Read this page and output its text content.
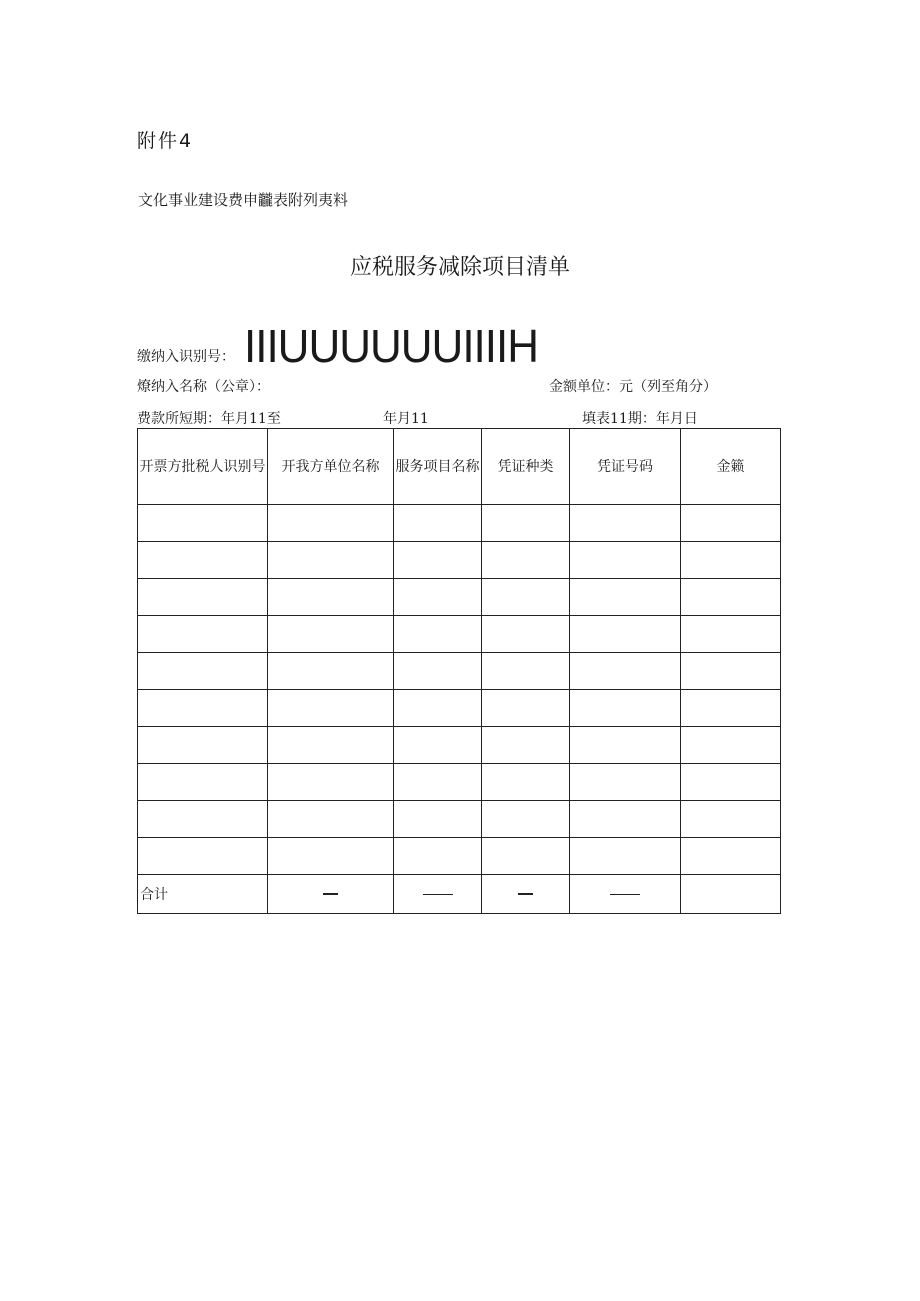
附件4
文化事业建设费申龖表附列夷料
应税服务减除项目清单
缴纳入识别号： IIIUUUUUUIIIIH
燎纳入名称（公章）：	金额单位：元（列至角分）
费款所短期：年月11至	年月11	填表11期：年月日
开票方批税人识别号	开我方单位名称	服务项目名称	凭证种类	凭证号码	金籁

合计					
